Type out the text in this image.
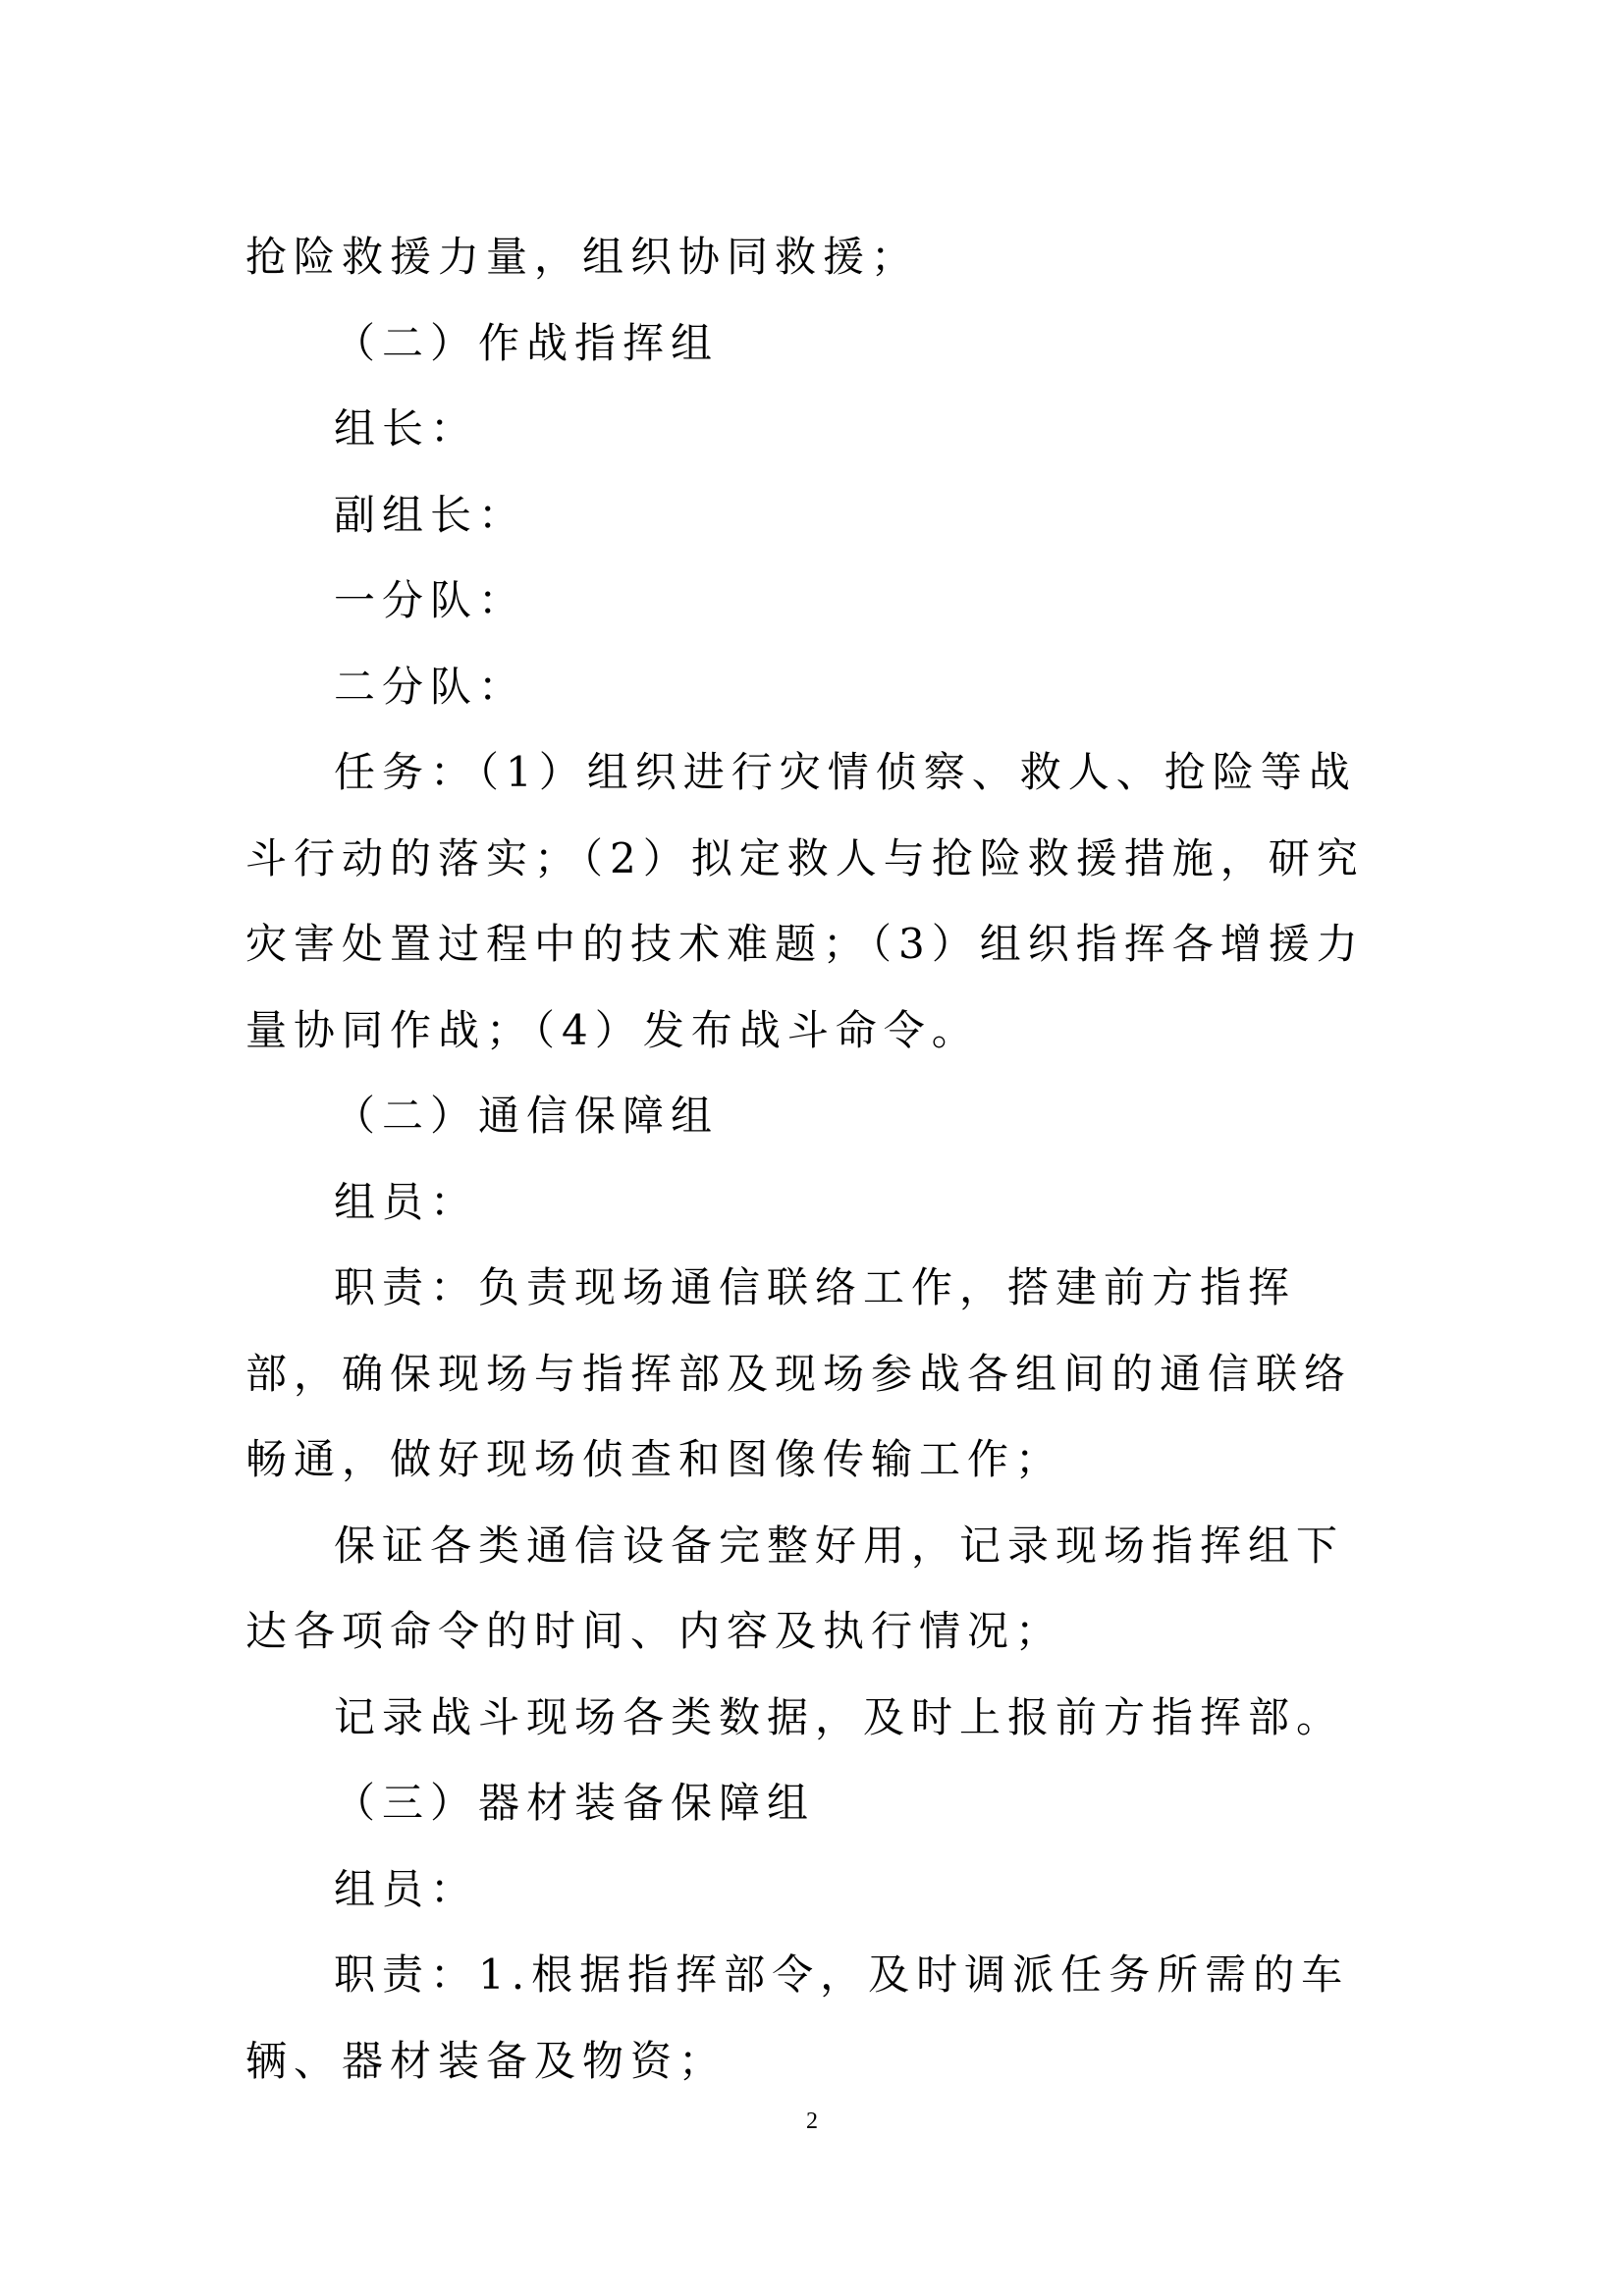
抢险救援力量，组织协同救援；

（二）作战指挥组

组长：

副组长：

一分队：

二分队：

任务：（1）组织进行灾情侦察、救人、抢险等战斗行动的落实；（2）拟定救人与抢险救援措施，研究灾害处置过程中的技术难题；（3）组织指挥各增援力量协同作战；（4）发布战斗命令。

（二）通信保障组

组员：

职责：负责现场通信联络工作，搭建前方指挥部，确保现场与指挥部及现场参战各组间的通信联络畅通，做好现场侦查和图像传输工作；

保证各类通信设备完整好用，记录现场指挥组下达各项命令的时间、内容及执行情况；

记录战斗现场各类数据，及时上报前方指挥部。

（三）器材装备保障组

组员：

职责：1.根据指挥部令，及时调派任务所需的车辆、器材装备及物资；

2
